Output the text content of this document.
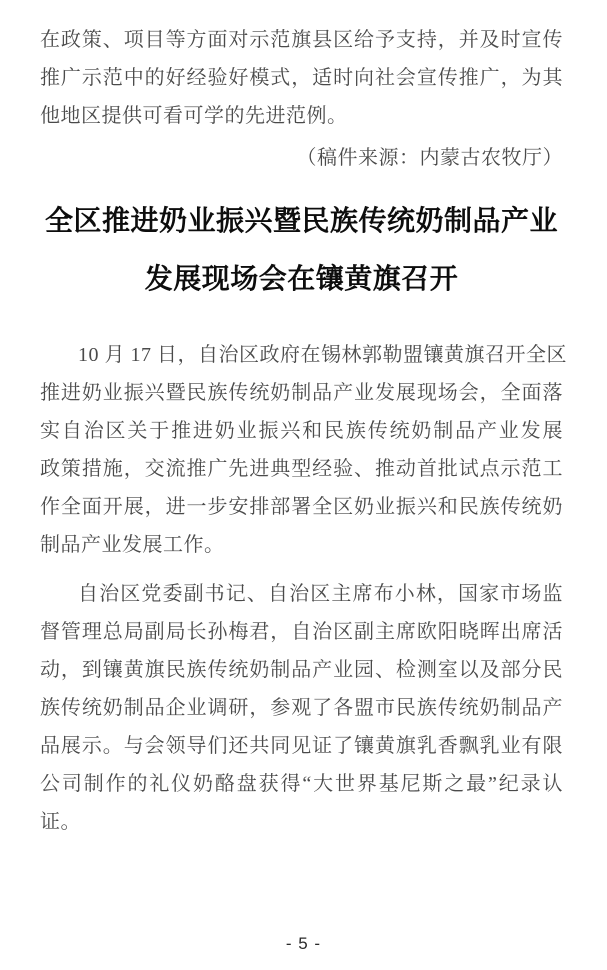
在政策、项目等方面对示范旗县区给予支持，并及时宣传
推广示范中的好经验好模式，适时向社会宣传推广，为其
他地区提供可看可学的先进范例。
（稿件来源：内蒙古农牧厅）
全区推进奶业振兴暨民族传统奶制品产业
发展现场会在镶黄旗召开
10 月 17 日，自治区政府在锡林郭勒盟镶黄旗召开全区
推进奶业振兴暨民族传统奶制品产业发展现场会，全面落
实自治区关于推进奶业振兴和民族传统奶制品产业发展
政策措施，交流推广先进典型经验、推动首批试点示范工
作全面开展，进一步安排部署全区奶业振兴和民族传统奶
制品产业发展工作。
自治区党委副书记、自治区主席布小林，国家市场监
督管理总局副局长孙梅君，自治区副主席欧阳晓晖出席活
动，到镶黄旗民族传统奶制品产业园、检测室以及部分民
族传统奶制品企业调研，参观了各盟市民族传统奶制品产
品展示。与会领导们还共同见证了镶黄旗乳香飘乳业有限
公司制作的礼仪奶酪盘获得“大世界基尼斯之最”纪录认
证。
- 5 -
